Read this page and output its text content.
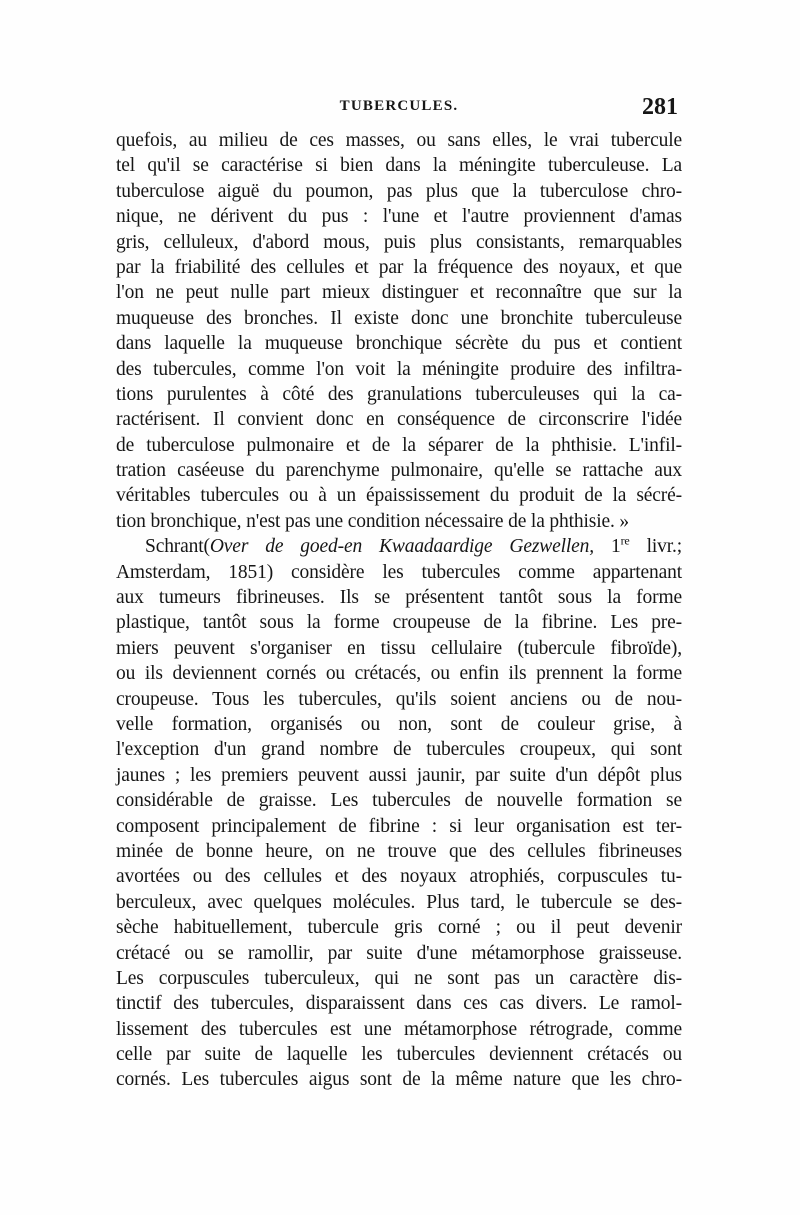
TUBERCULES.	281
quefois, au milieu de ces masses, ou sans elles, le vrai tubercule
tel qu'il se caractérise si bien dans la méningite tuberculeuse. La
tuberculose aiguë du poumon, pas plus que la tuberculose chro-
nique, ne dérivent du pus : l'une et l'autre proviennent d'amas
gris, celluleux, d'abord mous, puis plus consistants, remarquables
par la friabilité des cellules et par la fréquence des noyaux, et que
l'on ne peut nulle part mieux distinguer et reconnaître que sur la
muqueuse des bronches. Il existe donc une bronchite tuberculeuse
dans laquelle la muqueuse bronchique sécrète du pus et contient
des tubercules, comme l'on voit la méningite produire des infiltra-
tions purulentes à côté des granulations tuberculeuses qui la ca-
ractérisent. Il convient donc en conséquence de circonscrire l'idée
de tuberculose pulmonaire et de la séparer de la phthisie. L'infil-
tration caséeuse du parenchyme pulmonaire, qu'elle se rattache aux
véritables tubercules ou à un épaississement du produit de la sécré-
tion bronchique, n'est pas une condition nécessaire de la phthisie. »
Schrant(Over de goed-en Kwaadaardige Gezwellen, 1re livr.;
Amsterdam, 1851) considère les tubercules comme appartenant
aux tumeurs fibrineuses. Ils se présentent tantôt sous la forme
plastique, tantôt sous la forme croupeuse de la fibrine. Les pre-
miers peuvent s'organiser en tissu cellulaire (tubercule fibroïde),
ou ils deviennent cornés ou crétacés, ou enfin ils prennent la forme
croupeuse. Tous les tubercules, qu'ils soient anciens ou de nou-
velle formation, organisés ou non, sont de couleur grise, à
l'exception d'un grand nombre de tubercules croupeux, qui sont
jaunes ; les premiers peuvent aussi jaunir, par suite d'un dépôt plus
considérable de graisse. Les tubercules de nouvelle formation se
composent principalement de fibrine : si leur organisation est ter-
minée de bonne heure, on ne trouve que des cellules fibrineuses
avortées ou des cellules et des noyaux atrophiés, corpuscules tu-
berculeux, avec quelques molécules. Plus tard, le tubercule se des-
sèche habituellement, tubercule gris corné ; ou il peut devenir
crétacé ou se ramollir, par suite d'une métamorphose graisseuse.
Les corpuscules tuberculeux, qui ne sont pas un caractère dis-
tinctif des tubercules, disparaissent dans ces cas divers. Le ramol-
lissement des tubercules est une métamorphose rétrograde, comme
celle par suite de laquelle les tubercules deviennent crétacés ou
cornés. Les tubercules aigus sont de la même nature que les chro-
